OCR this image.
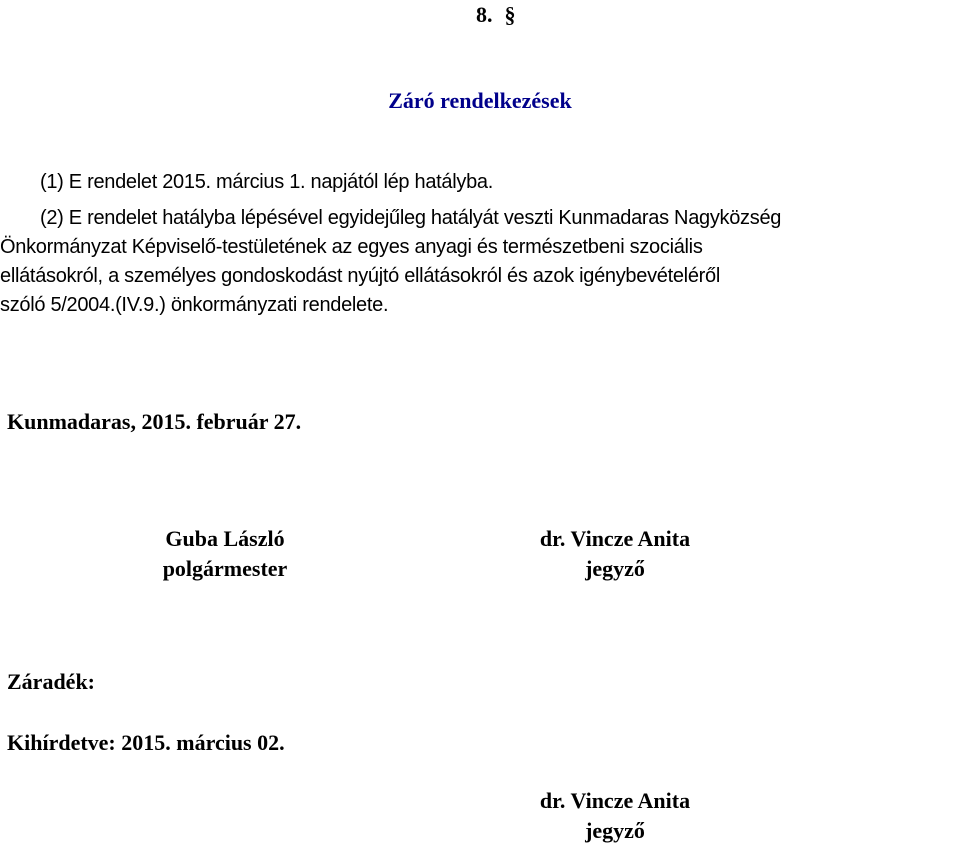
8. §
Záró rendelkezések
(1) E rendelet 2015. március 1. napjától lép hatályba.
(2) E rendelet hatályba lépésével egyidejűleg hatályát veszti Kunmadaras Nagyközség
Önkormányzat Képviselő-testületének az egyes anyagi és természetbeni szociális
ellátásokról, a személyes gondoskodást nyújtó ellátásokról és azok igénybevételéről
szóló 5/2004.(IV.9.) önkormányzati rendelete.
Kunmadaras, 2015. február 27.
Guba László
polgármester
dr. Vincze Anita
jegyző
Záradék:
Kihírdetve: 2015. március 02.
dr. Vincze Anita
jegyző
